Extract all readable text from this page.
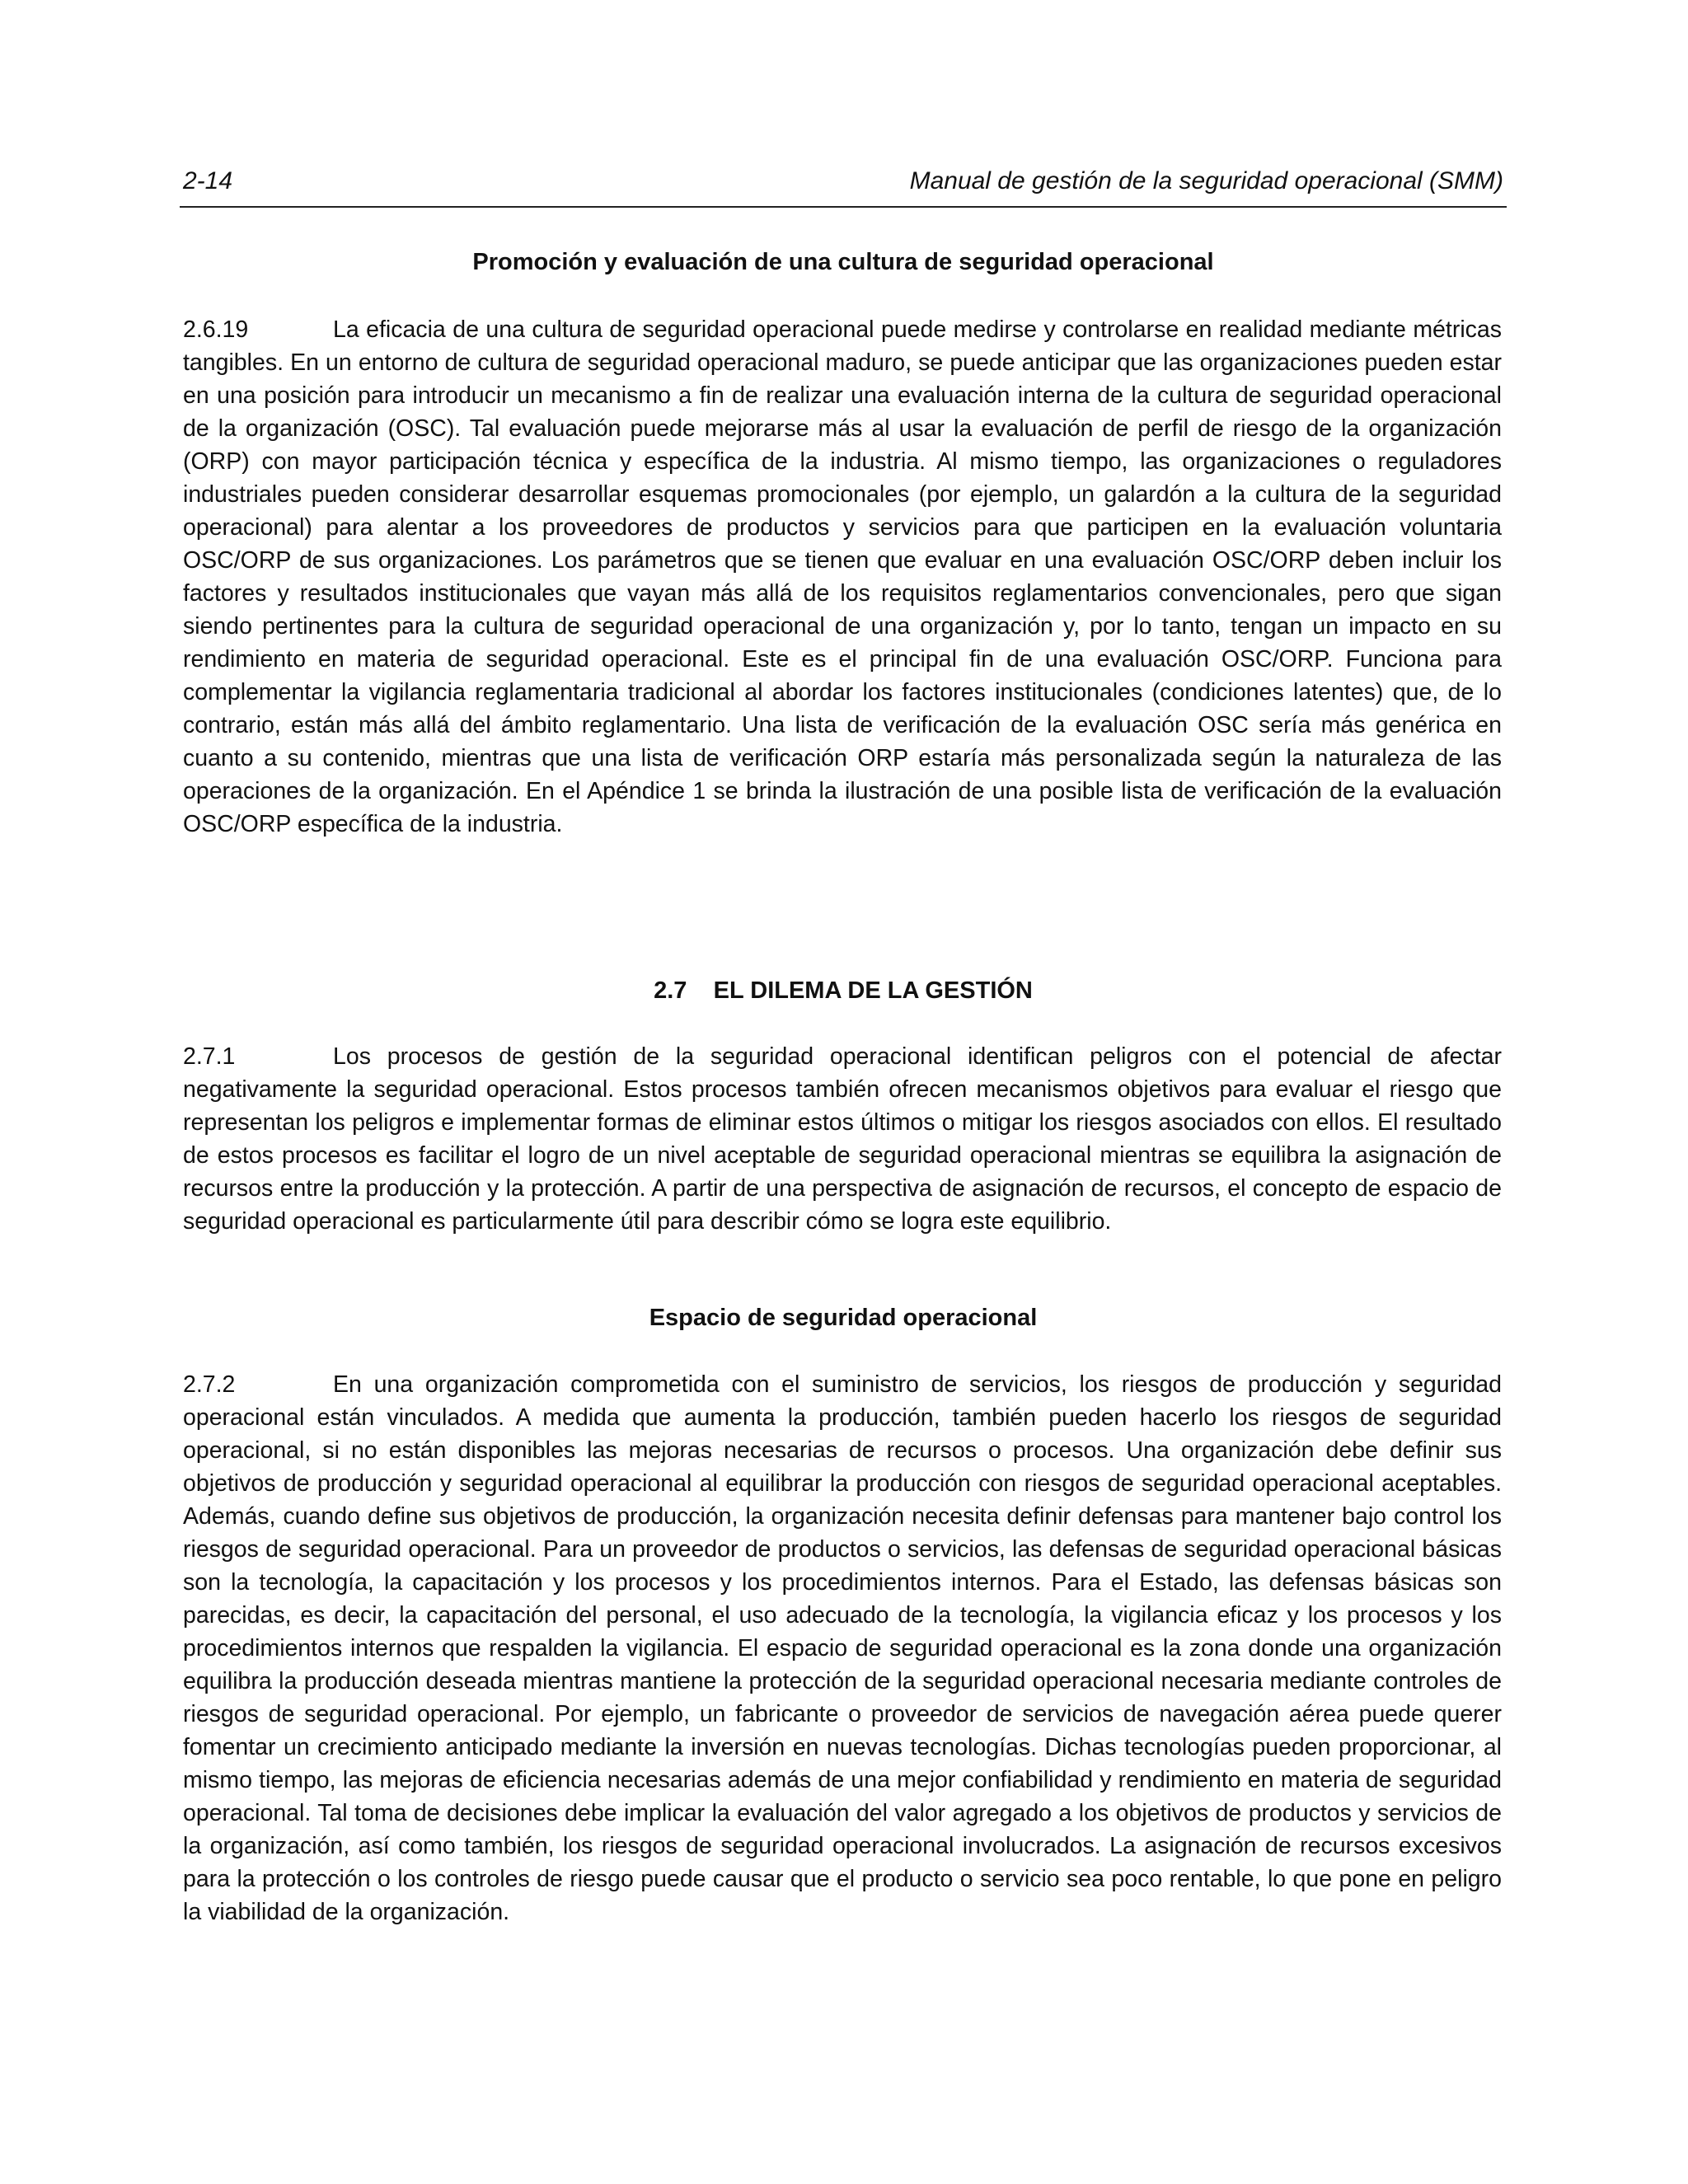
2-14	Manual de gestión de la seguridad operacional (SMM)
Promoción y evaluación de una cultura de seguridad operacional

2.6.19	La eficacia de una cultura de seguridad operacional puede medirse y controlarse en realidad mediante métricas tangibles. En un entorno de cultura de seguridad operacional maduro, se puede anticipar que las organizaciones pueden estar en una posición para introducir un mecanismo a fin de realizar una evaluación interna de la cultura de seguridad operacional de la organización (OSC). Tal evaluación puede mejorarse más al usar la evaluación de perfil de riesgo de la organización (ORP) con mayor participación técnica y específica de la industria. Al mismo tiempo, las organizaciones o reguladores industriales pueden considerar desarrollar esquemas promocionales (por ejemplo, un galardón a la cultura de la seguridad operacional) para alentar a los proveedores de productos y servicios para que participen en la evaluación voluntaria OSC/ORP de sus organizaciones. Los parámetros que se tienen que evaluar en una evaluación OSC/ORP deben incluir los factores y resultados institucionales que vayan más allá de los requisitos reglamentarios convencionales, pero que sigan siendo pertinentes para la cultura de seguridad operacional de una organización y, por lo tanto, tengan un impacto en su rendimiento en materia de seguridad operacional. Este es el principal fin de una evaluación OSC/ORP. Funciona para complementar la vigilancia reglamentaria tradicional al abordar los factores institucionales (condiciones latentes) que, de lo contrario, están más allá del ámbito reglamentario. Una lista de verificación de la evaluación OSC sería más genérica en cuanto a su contenido, mientras que una lista de verificación ORP estaría más personalizada según la naturaleza de las operaciones de la organización. En el Apéndice 1 se brinda la ilustración de una posible lista de verificación de la evaluación OSC/ORP específica de la industria.

2.7 EL DILEMA DE LA GESTIÓN

2.7.1	Los procesos de gestión de la seguridad operacional identifican peligros con el potencial de afectar negativamente la seguridad operacional. Estos procesos también ofrecen mecanismos objetivos para evaluar el riesgo que representan los peligros e implementar formas de eliminar estos últimos o mitigar los riesgos asociados con ellos. El resultado de estos procesos es facilitar el logro de un nivel aceptable de seguridad operacional mientras se equilibra la asignación de recursos entre la producción y la protección. A partir de una perspectiva de asignación de recursos, el concepto de espacio de seguridad operacional es particularmente útil para describir cómo se logra este equilibrio.

Espacio de seguridad operacional

2.7.2	En una organización comprometida con el suministro de servicios, los riesgos de producción y seguridad operacional están vinculados. A medida que aumenta la producción, también pueden hacerlo los riesgos de seguridad operacional, si no están disponibles las mejoras necesarias de recursos o procesos. Una organización debe definir sus objetivos de producción y seguridad operacional al equilibrar la producción con riesgos de seguridad operacional aceptables. Además, cuando define sus objetivos de producción, la organización necesita definir defensas para mantener bajo control los riesgos de seguridad operacional. Para un proveedor de productos o servicios, las defensas de seguridad operacional básicas son la tecnología, la capacitación y los procesos y los procedimientos internos. Para el Estado, las defensas básicas son parecidas, es decir, la capacitación del personal, el uso adecuado de la tecnología, la vigilancia eficaz y los procesos y los procedimientos internos que respalden la vigilancia. El espacio de seguridad operacional es la zona donde una organización equilibra la producción deseada mientras mantiene la protección de la seguridad operacional necesaria mediante controles de riesgos de seguridad operacional. Por ejemplo, un fabricante o proveedor de servicios de navegación aérea puede querer fomentar un crecimiento anticipado mediante la inversión en nuevas tecnologías. Dichas tecnologías pueden proporcionar, al mismo tiempo, las mejoras de eficiencia necesarias además de una mejor confiabilidad y rendimiento en materia de seguridad operacional. Tal toma de decisiones debe implicar la evaluación del valor agregado a los objetivos de productos y servicios de la organización, así como también, los riesgos de seguridad operacional involucrados. La asignación de recursos excesivos para la protección o los controles de riesgo puede causar que el producto o servicio sea poco rentable, lo que pone en peligro la viabilidad de la organización.
